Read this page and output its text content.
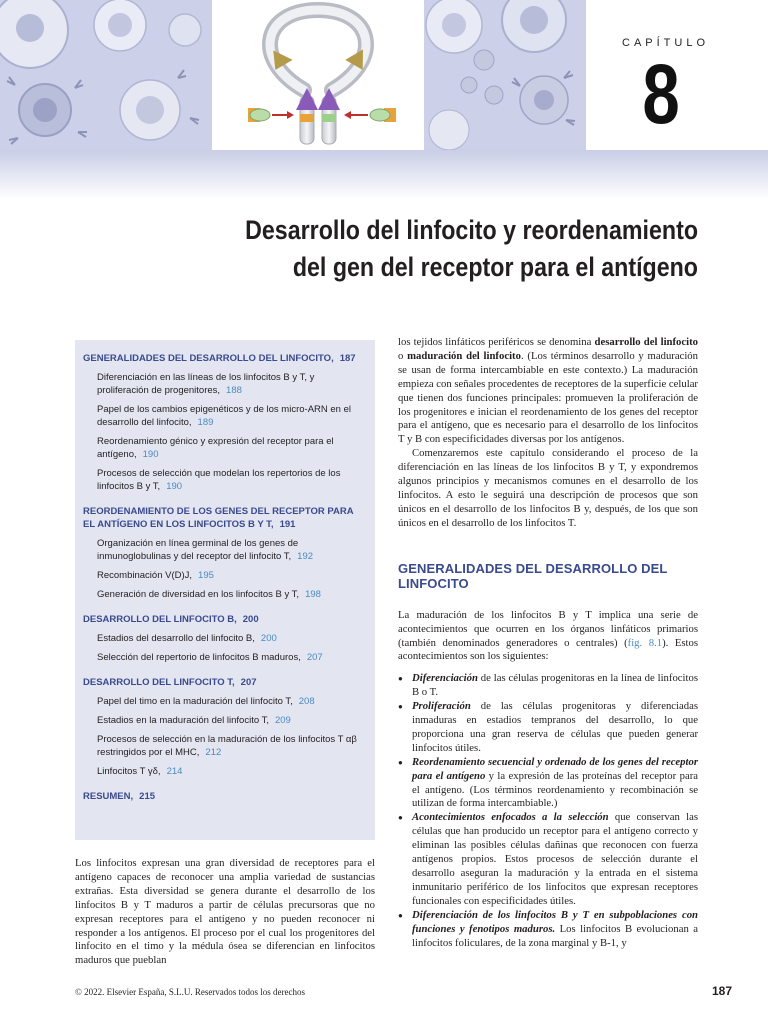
CAPÍTULO
8
Desarrollo del linfocito y reordenamiento
del gen del receptor para el antígeno
GENERALIDADES DEL DESARROLLO DEL LINFOCITO, 187
Diferenciación en las líneas de los linfocitos B y T, y proliferación de progenitores, 188
Papel de los cambios epigenéticos y de los micro-ARN en el desarrollo del linfocito, 189
Reordenamiento génico y expresión del receptor para el antígeno, 190
Procesos de selección que modelan los repertorios de los linfocitos B y T, 190
REORDENAMIENTO DE LOS GENES DEL RECEPTOR PARA EL ANTÍGENO EN LOS LINFOCITOS B Y T, 191
Organización en línea germinal de los genes de inmunoglobulinas y del receptor del linfocito T, 192
Recombinación V(D)J, 195
Generación de diversidad en los linfocitos B y T, 198
DESARROLLO DEL LINFOCITO B, 200
Estadios del desarrollo del linfocito B, 200
Selección del repertorio de linfocitos B maduros, 207
DESARROLLO DEL LINFOCITO T, 207
Papel del timo en la maduración del linfocito T, 208
Estadios en la maduración del linfocito T, 209
Procesos de selección en la maduración de los linfocitos T αβ restringidos por el MHC, 212
Linfocitos T γδ, 214
RESUMEN, 215

Los linfocitos expresan una gran diversidad de receptores para el antígeno capaces de reconocer una amplia variedad de sustancias extrañas. Esta diversidad se genera durante el desarrollo de los linfocitos B y T maduros a partir de células precursoras que no expresan receptores para el antígeno y no pueden reconocer ni responder a los antígenos. El proceso por el cual los progenitores del linfocito en el timo y la médula ósea se diferencian en linfocitos maduros que pueblan

los tejidos linfáticos periféricos se denomina desarrollo del linfocito o maduración del linfocito. (Los términos desarrollo y maduración se usan de forma intercambiable en este contexto.) La maduración empieza con señales procedentes de receptores de la superficie celular que tienen dos funciones principales: promueven la proliferación de los progenitores e inician el reordenamiento de los genes del receptor para el antígeno, que es necesario para el desarrollo de los linfocitos T y B con especificidades diversas por los antígenos.

Comenzaremos este capítulo considerando el proceso de la diferenciación en las líneas de los linfocitos B y T, y expondremos algunos principios y mecanismos comunes en el desarrollo de los linfocitos. A esto le seguirá una descripción de procesos que son únicos en el desarrollo de los linfocitos B y, después, de los que son únicos en el desarrollo de los linfocitos T.

GENERALIDADES DEL DESARROLLO DEL LINFOCITO

La maduración de los linfocitos B y T implica una serie de acontecimientos que ocurren en los órganos linfáticos primarios (también denominados generadores o centrales) (fig. 8.1). Estos acontecimientos son los siguientes:

● Diferenciación de las células progenitoras en la línea de linfocitos B o T.
● Proliferación de las células progenitoras y diferenciadas inmaduras en estadios tempranos del desarrollo, lo que proporciona una gran reserva de células que pueden generar linfocitos útiles.
● Reordenamiento secuencial y ordenado de los genes del receptor para el antígeno y la expresión de las proteínas del receptor para el antígeno. (Los términos reordenamiento y recombinación se utilizan de forma intercambiable.)
● Acontecimientos enfocados a la selección que conservan las células que han producido un receptor para el antígeno correcto y eliminan las posibles células dañinas que reconocen con fuerza antígenos propios. Estos procesos de selección durante el desarrollo aseguran la maduración y la entrada en el sistema inmunitario periférico de los linfocitos que expresan receptores funcionales con especificidades útiles.
● Diferenciación de los linfocitos B y T en subpoblaciones con funciones y fenotipos maduros. Los linfocitos B evolucionan a linfocitos foliculares, de la zona marginal y B-1, y
© 2022. Elsevier España, S.L.U. Reservados todos los derechos	187
